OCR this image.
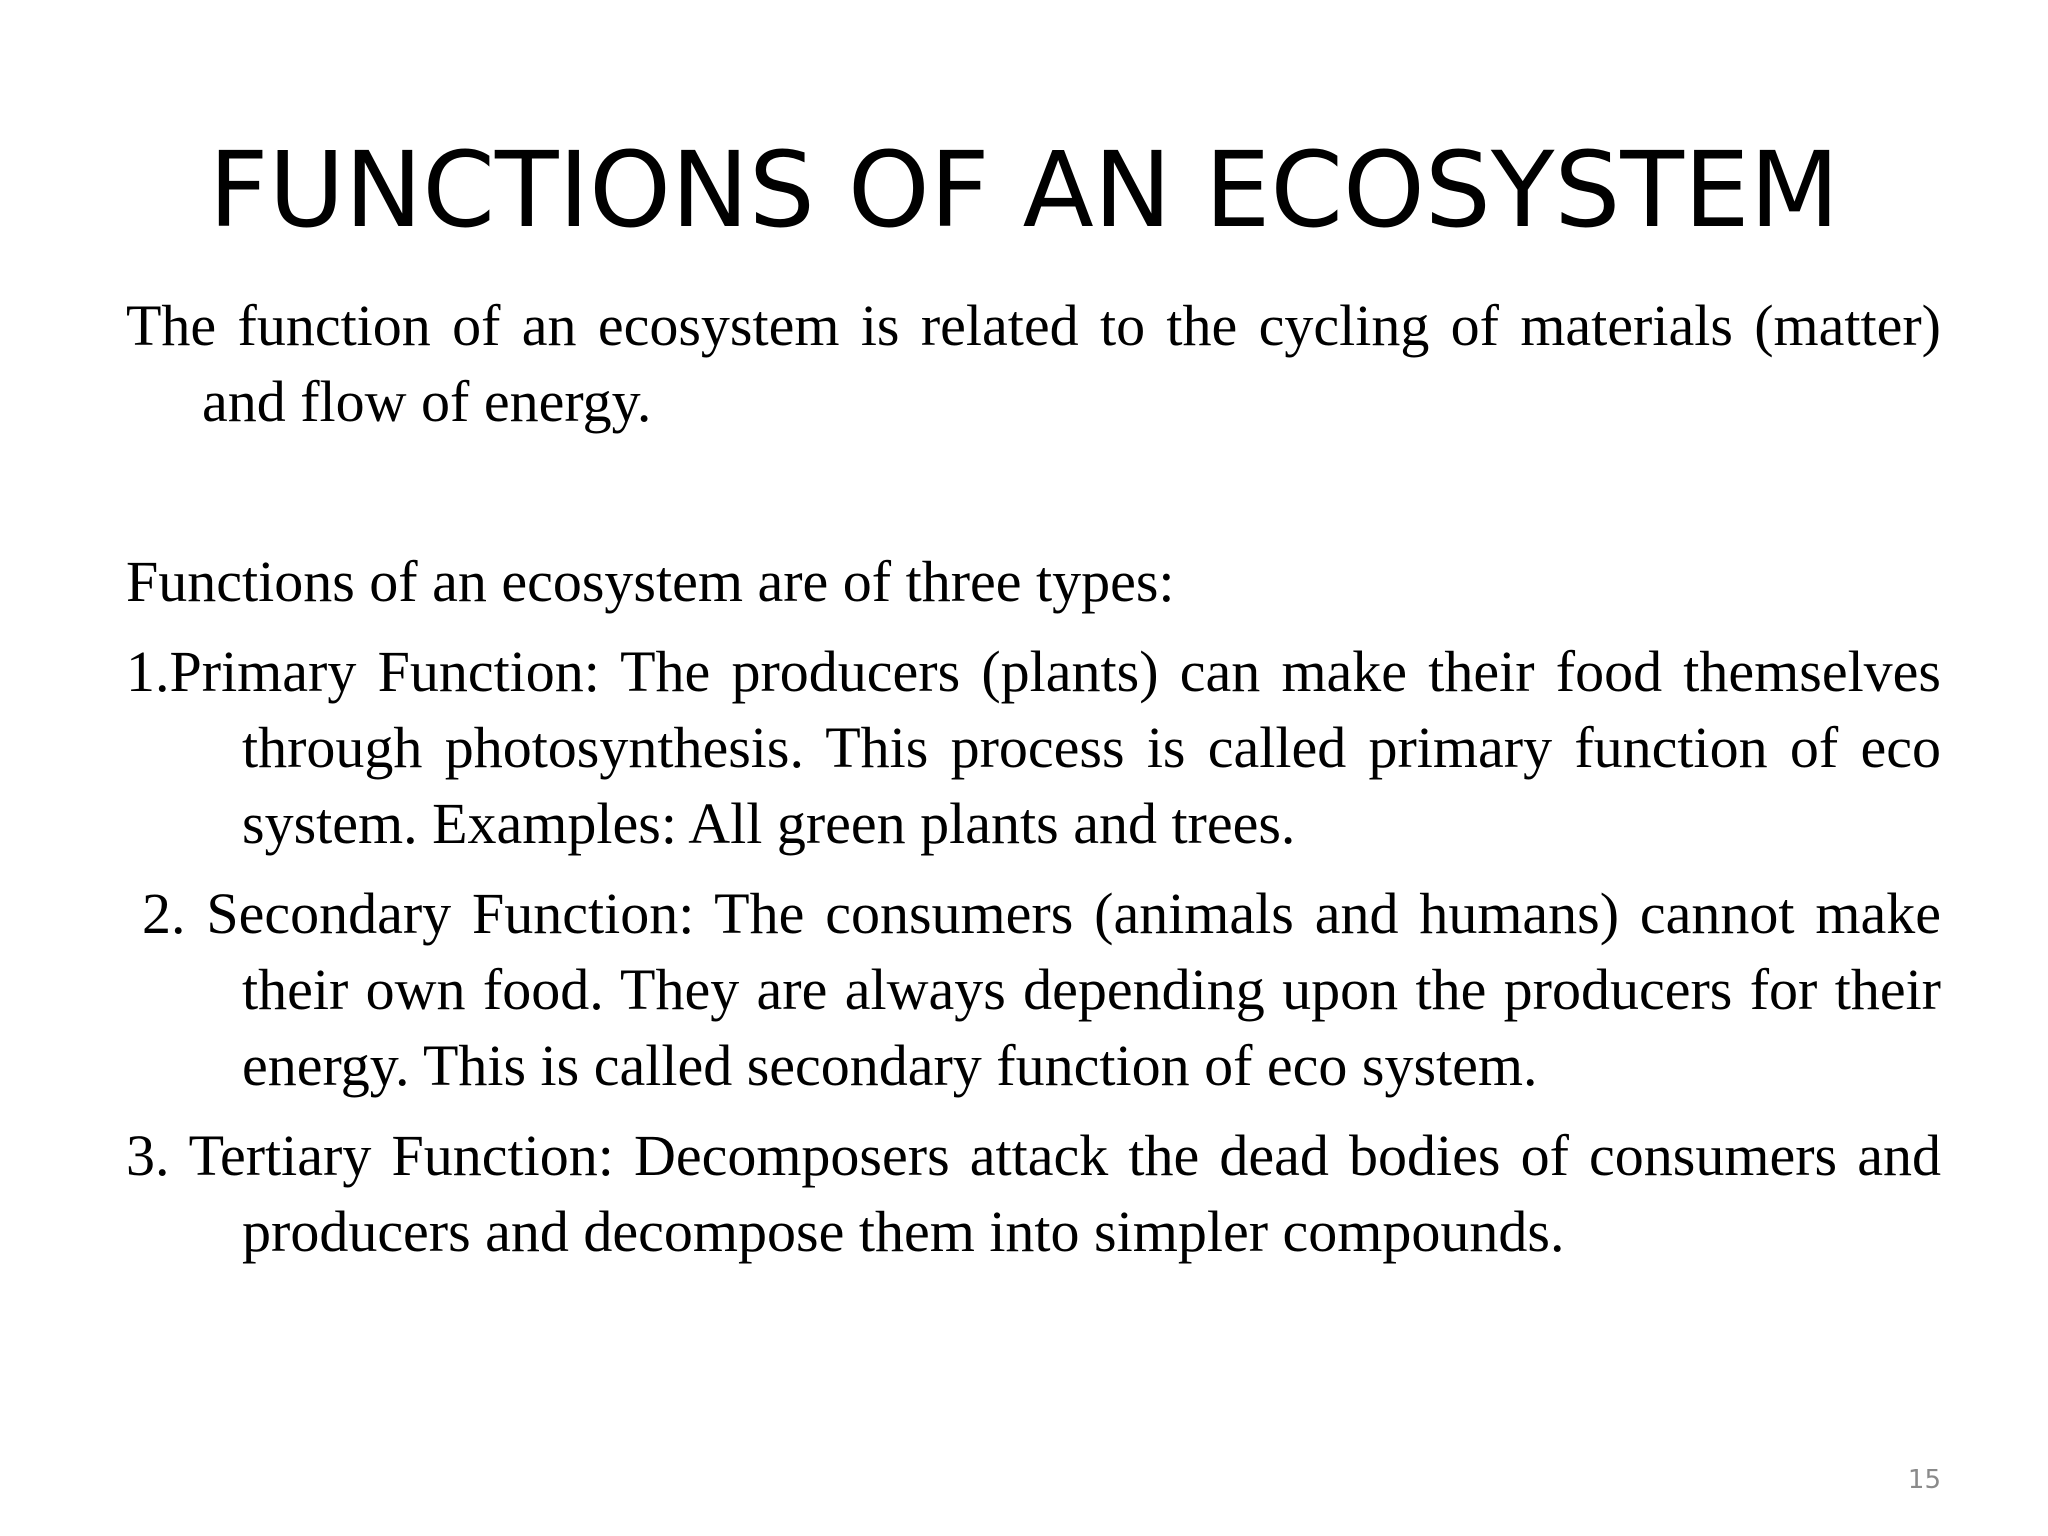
FUNCTIONS OF AN ECOSYSTEM

The function of an ecosystem is related to the cycling of materials (matter) and flow of energy.

Functions of an ecosystem are of three types:

1.Primary Function: The producers (plants) can make their food themselves through photosynthesis. This process is called primary function of eco system. Examples: All green plants and trees.

2. Secondary Function: The consumers (animals and humans) cannot make their own food. They are always depending upon the producers for their energy. This is called secondary function of eco system.

3. Tertiary Function: Decomposers attack the dead bodies of consumers and producers and decompose them into simpler compounds.

15
